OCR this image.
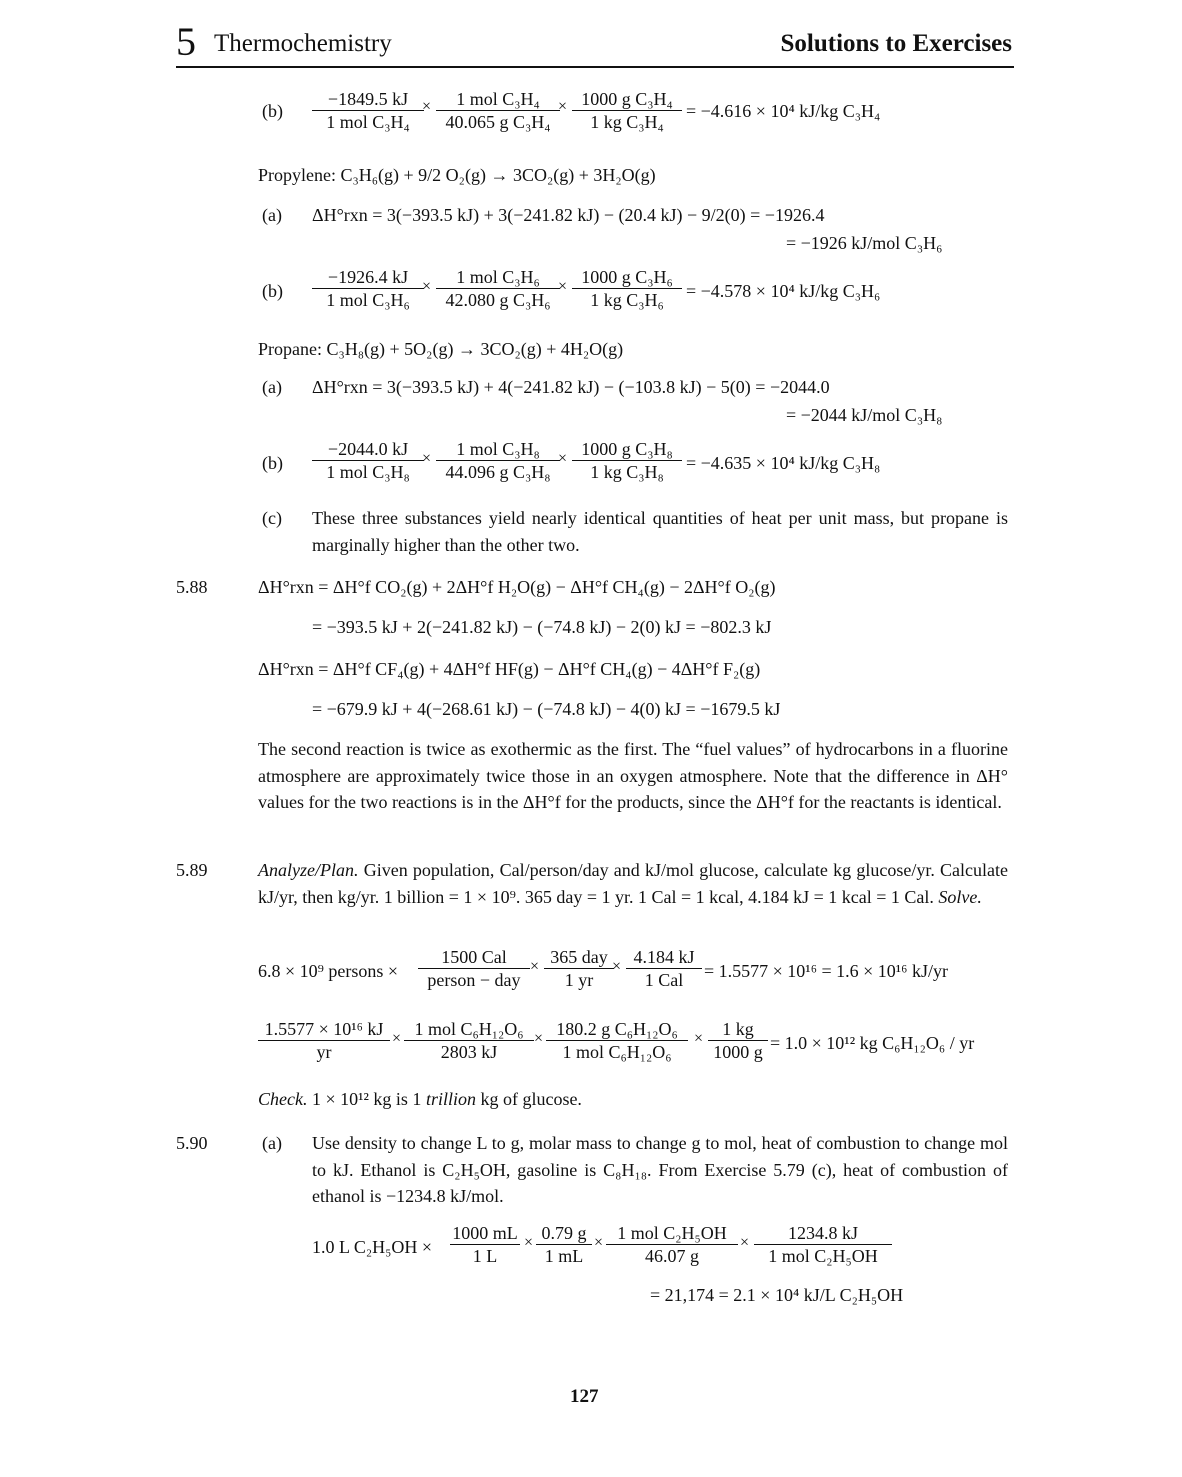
5 Thermochemistry	Solutions to Exercises
(b)
−1849.5 kJ
1 mol C₃H₄
×	1 mol C₃H₄
40.065 g C₃H₄
× $\frac{\text{1000 g C₃H₄}}{\text{1 kg C₃H₄}} = -4.616 \times 10^4$ kJ/kg C₃H₄
Propylene: C₃H₆(g) + 9/2 O₂(g) → 3CO₂(g) + 3H₂O(g)
(a) ΔH°rxn = 3(−393.5 kJ) + 3(−241.82 kJ) − (20.4 kJ) − 9/2(0) = −1926.4
= −1926 kJ/mol C₃H₆
(b)
−1926.4 kJ
1 mol C₃H₆
×	1 mol C₃H₆
42.080 g C₃H₆
× $\frac{\text{1000 g C₃H₆}}{\text{1 kg C₃H₆}} = -4.578 \times 10^4$ kJ/kg C₃H₆
Propane: C₃H₈(g) + 5O₂(g) → 3CO₂(g) + 4H₂O(g)
(a) ΔH°rxn = 3(−393.5 kJ) + 4(−241.82 kJ) − (−103.8 kJ) − 5(0) = −2044.0
= −2044 kJ/mol C₃H₈
(b)
−2044.0 kJ
1 mol C₃H₈
×	1 mol C₃H₈
44.096 g C₃H₈
× $\frac{\text{1000 g C₃H₈}}{\text{1 kg C₃H₈}} = -4.635 \times 10^4$ kJ/kg C₃H₈
(c) These three substances yield nearly identical quantities of heat per unit mass, but propane is marginally higher than the other two.
5.88	ΔH°rxn = ΔH°f CO₂(g) + 2ΔH°f H₂O(g) − ΔH°f CH₄(g) − 2ΔH°f O₂(g)
= −393.5 kJ + 2(−241.82 kJ) − (−74.8 kJ) − 2(0) kJ = −802.3 kJ
ΔH°rxn = ΔH°f CF₄(g) + 4ΔH°f HF(g) − ΔH°f CH₄(g) − 4ΔH°f F₂(g)
= −679.9 kJ + 4(−268.61 kJ) − (−74.8 kJ) − 4(0) kJ = −1679.5 kJ
The second reaction is twice as exothermic as the first. The “fuel values” of hydrocarbons in a fluorine atmosphere are approximately twice those in an oxygen atmosphere. Note that the difference in ΔH° values for the two reactions is in the ΔH°f for the products, since the ΔH°f for the reactants is identical.
5.89	Analyze/Plan. Given population, Cal/person/day and kJ/mol glucose, calculate kg glucose/yr. Calculate kJ/yr, then kg/yr. 1 billion = 1 × 10⁹. 365 day = 1 yr. 1 Cal = 1 kcal, 4.184 kJ = 1 kcal = 1 Cal. Solve.
6.8 × 10⁹ persons ×
1500 Cal
person − day
× 365 day
1 yr
× 4.184 kJ
1 Cal	= 1.5577 × 10¹⁶ = 1.6 × 10¹⁶ kJ/yr
$\frac{\text{1.5577 × 10¹⁶ kJ}}{yr} \times 1$ mol C₆H₁₂O₆
2803 kJ
× 180.2 g C₆H₁₂O₆
1 mol C₆H₁₂O₆
× $\frac{1 kg}{1000 g} = 1.0 \times 10^{12}$ kg C₆H₁₂O₆ / yr
Check. 1 × 10¹² kg is 1 trillion kg of glucose.
5.90	(a) Use density to change L to g, molar mass to change g to mol, heat of combustion to change mol to kJ. Ethanol is C₂H₅OH, gasoline is C₈H₁₈. From Exercise 5.79 (c), heat of combustion of ethanol is −1234.8 kJ/mol.
1.0 L $C_2H_5OH \times \frac{1000 mL}{1 L} \times \frac{0.79 g}{1 mL} \times 1$ mol C₂H₅OH
46.07 g
×	1234.8 kJ
1 mol C₂H₅OH
= 21,174 = 2.1 × 10⁴ kJ/L C₂H₅OH
127
